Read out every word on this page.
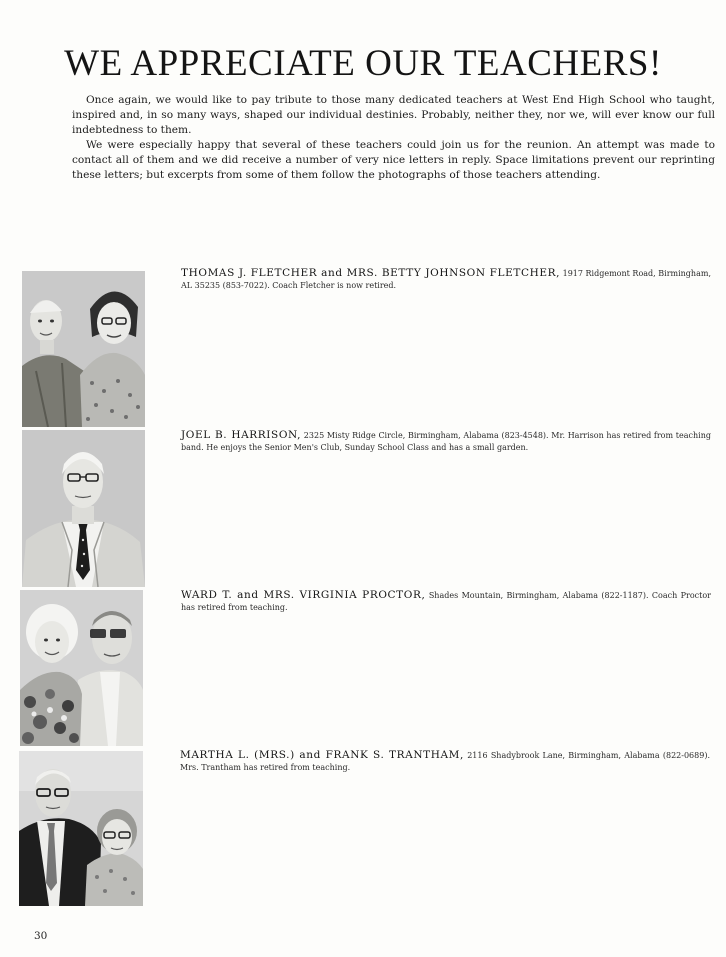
WE APPRECIATE OUR TEACHERS!

Once again, we would like to pay tribute to those many dedicated teachers at West End High School who taught, inspired and, in so many ways, shaped our individual destinies. Probably, neither they, nor we, will ever know our full indebtedness to them.

We were especially happy that several of these teachers could join us for the reunion. An attempt was made to contact all of them and we did receive a number of very nice letters in reply. Space limitations prevent our reprinting these letters; but excerpts from some of them follow the photographs of those teachers attending.

THOMAS J. FLETCHER and MRS. BETTY JOHNSON FLETCHER, 1917 Ridgemont Road, Birmingham, AL 35235 (853-7022). Coach Fletcher is now retired.
JOEL B. HARRISON, 2325 Misty Ridge Circle, Birmingham, Alabama (823-4548). Mr. Harrison has retired from teaching band. He enjoys the Senior Men's Club, Sunday School Class and has a small garden.
WARD T. and MRS. VIRGINIA PROCTOR, Shades Mountain, Birmingham, Alabama (822-1187). Coach Proctor has retired from teaching.
MARTHA L. (MRS.) and FRANK S. TRANTHAM, 2116 Shadybrook Lane, Birmingham, Alabama (822-0689). Mrs. Trantham has retired from teaching.
30
